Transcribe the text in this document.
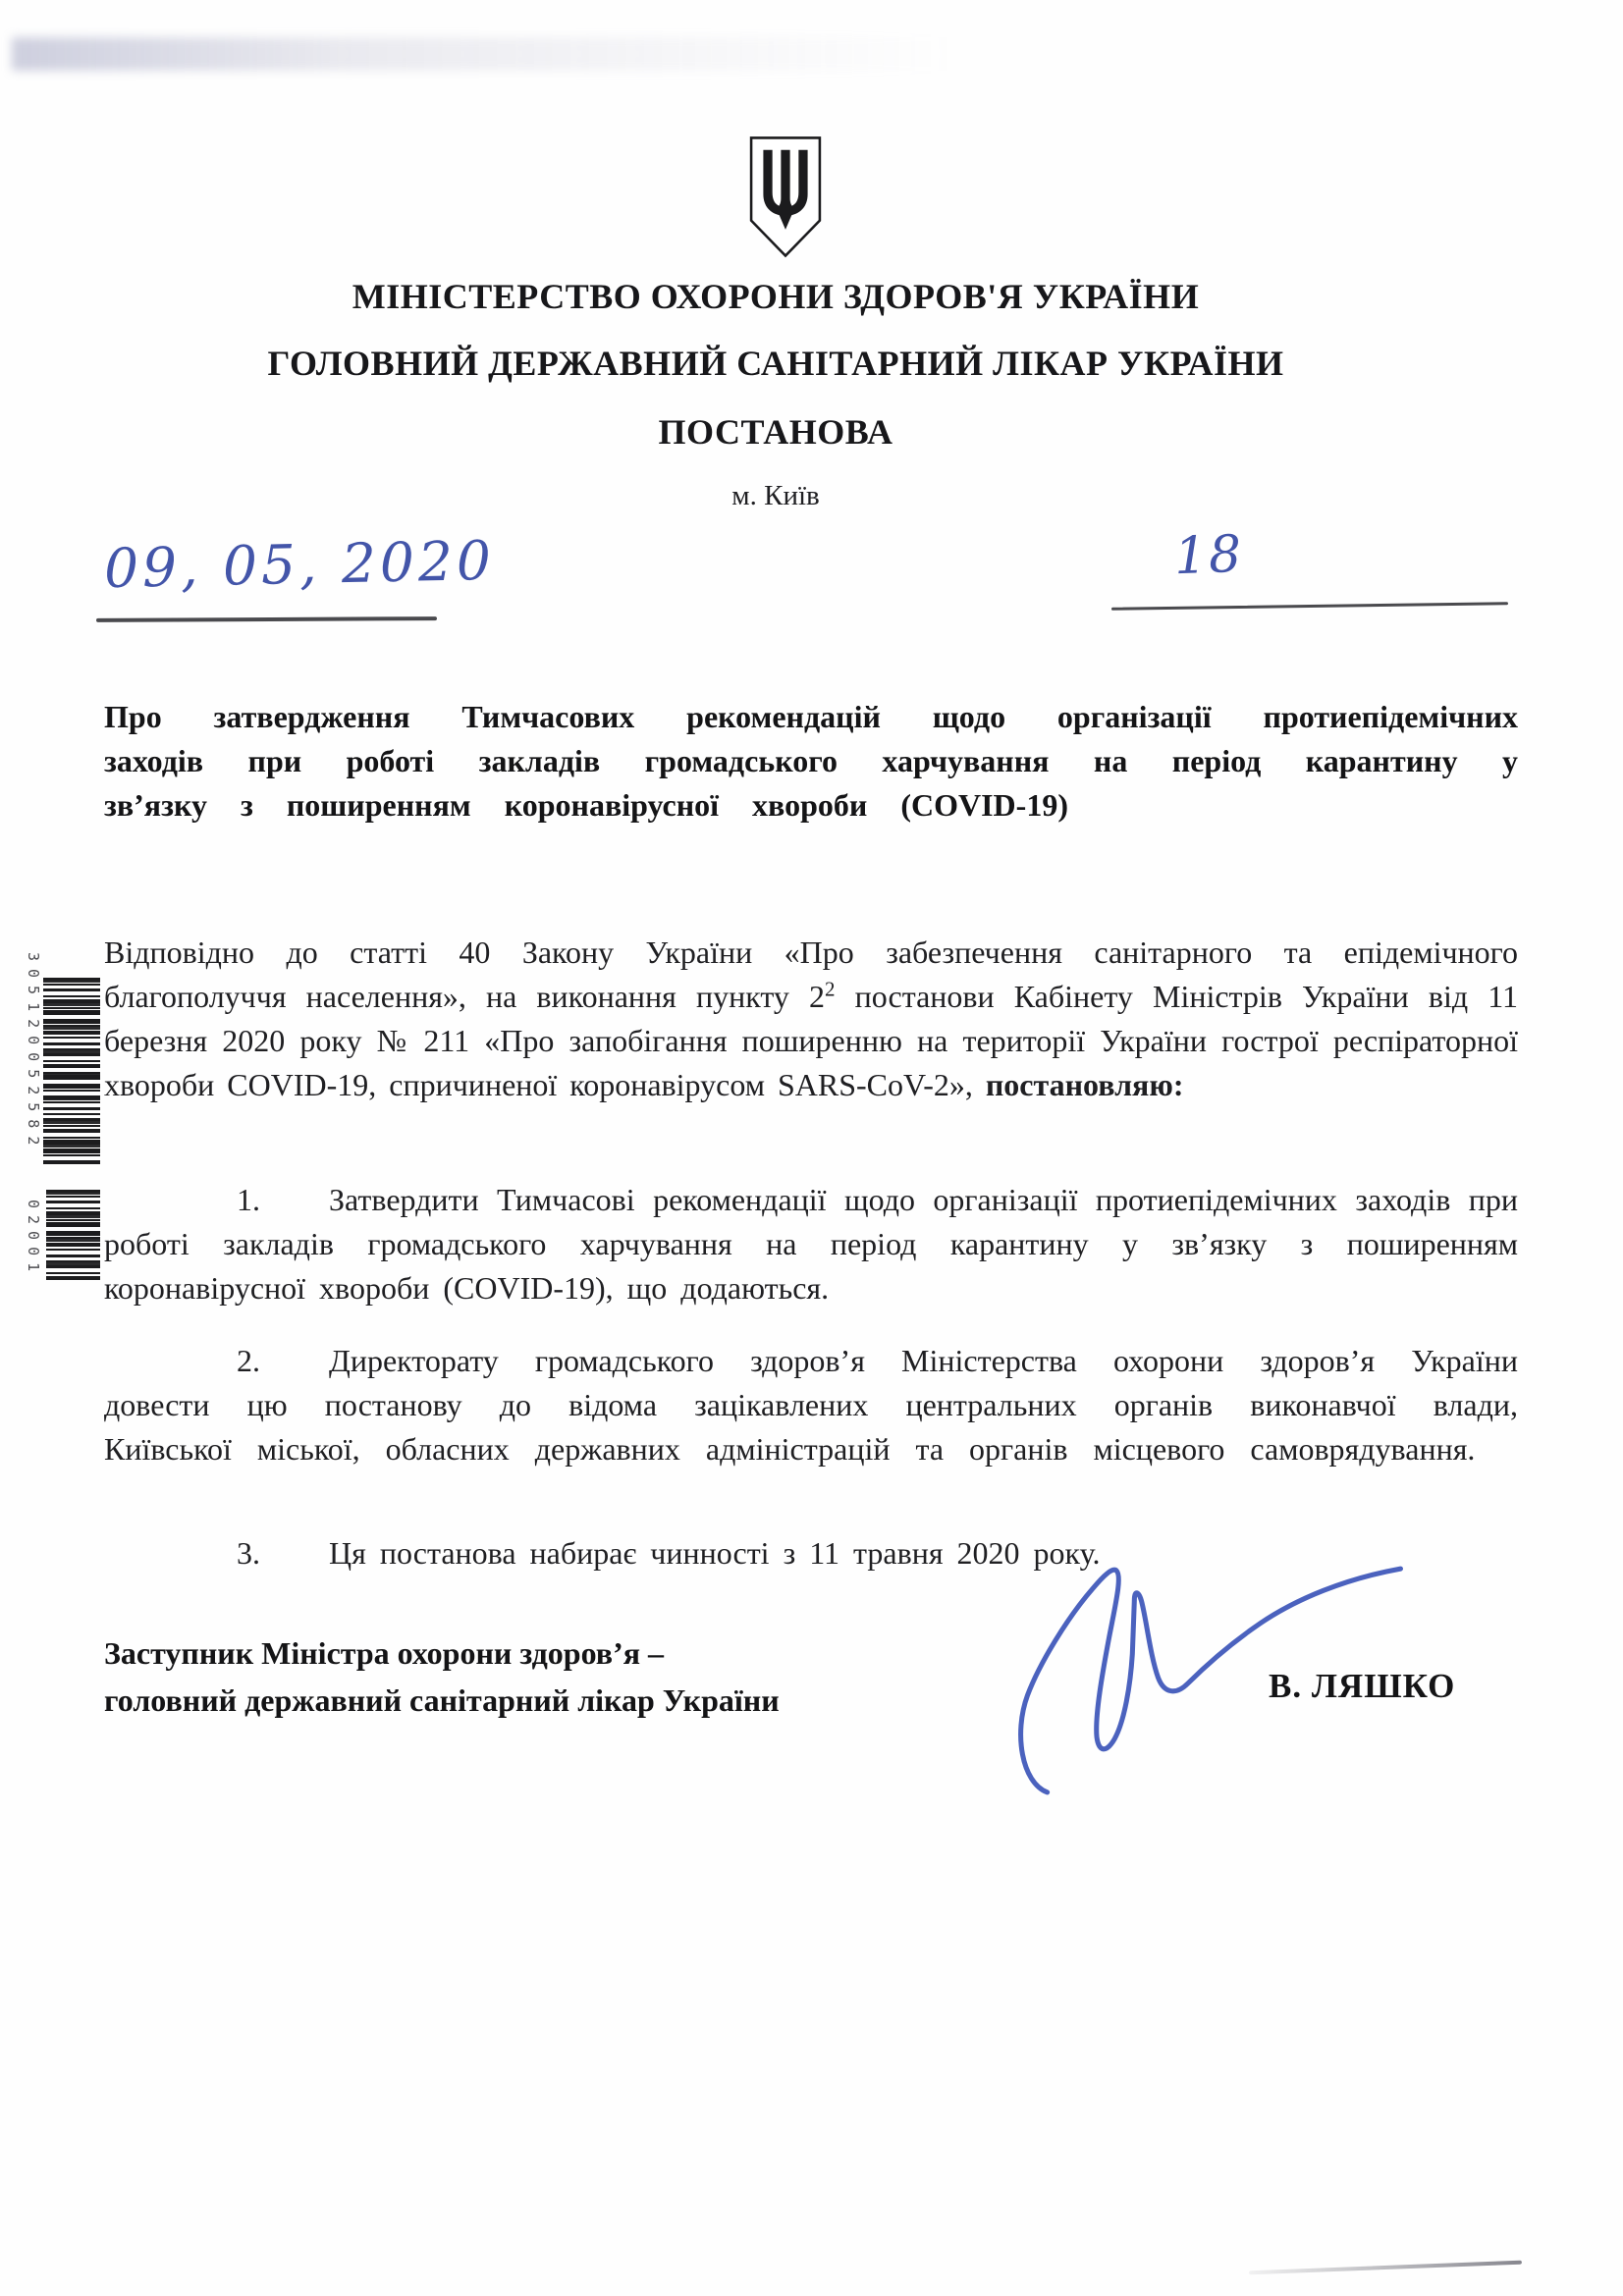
МІНІСТЕРСТВО ОХОРОНИ ЗДОРОВ'Я УКРАЇНИ
ГОЛОВНИЙ ДЕРЖАВНИЙ САНІТАРНИЙ ЛІКАР УКРАЇНИ
ПОСТАНОВА
м. Київ
09, 05, 2020	18

Про затвердження Тимчасових рекомендацій щодо організації протиепідемічних заходів при роботі закладів громадського харчування на період карантину у зв’язку з поширенням коронавірусної хвороби (COVID-19)

Відповідно до статті 40 Закону України «Про забезпечення санітарного та епідемічного благополуччя населення», на виконання пункту $2^2$ постанови Кабінету Міністрів України від 11 березня 2020 року № 211 «Про запобігання поширенню на території України гострої респіраторної хвороби COVID-19, спричиненої коронавірусом SARS-CoV-2», постановляю:

1. Затвердити Тимчасові рекомендації щодо організації протиепідемічних заходів при роботі закладів громадського харчування на період карантину у зв’язку з поширенням коронавірусної хвороби (COVID-19), що додаються.

2. Директорату громадського здоров’я Міністерства охорони здоров’я України довести цю постанову до відома зацікавлених центральних органів виконавчої влади, Київської міської, обласних державних адміністрацій та органів місцевого самоврядування.

3. Ця постанова набирає чинності з 11 травня 2020 року.

305120052582
02001
Заступник Міністра охорони здоров’я –
головний державний санітарний лікар України	В. ЛЯШКО
